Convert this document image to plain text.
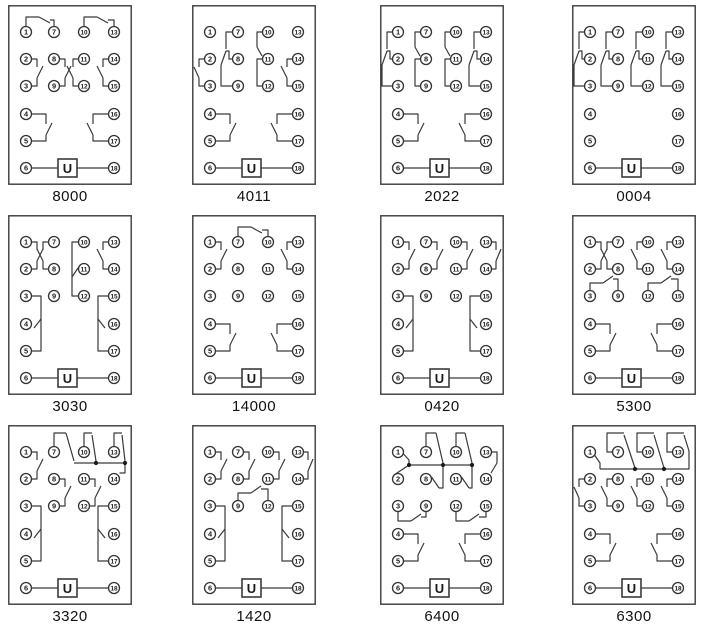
1	7	10	13
2	8	11	14
3	9	12	15
4	16
5	17
6	18
U
8000
1	7	10	13
2	8	11	14
3	9	12	15
4	16
5	17
6	18
U
4011
1	7	10	13
2	8	11	14
3	9	12	15
4	16
5	17
6	18
U
2022
1	7	10	13
2	8	11	14
3	9	12	15
4	16
5	17
6	18
U
0004
1	7	10	13
2	8	11	14
3	9	12	15
4	16
5	17
6	18
U
3030
1	7	10	13
2	8	11	14
3	9	12	15
4	16
5	17
6	18
U
14000
1	7	10	13
2	8	11	14
3	9	12	15
4	16
5	17
6	18
U
0420
1	7	10	13
2	8	11	14
3	9	12	15
4	16
5	17
6	18
U
5300
1	7	10	13
2	8	11	14
3	9	12	15
4	16
5	17
6	18
U
3320
1	7	10	13
2	8	11	14
3	9	12	15
4	16
5	17
6	18
U
1420
1	7	10	13
2	8	11	14
3	9	12	15
4	16
5	17
6	18
U
6400
1	7	10	13
2	8	11	14
3	9	12	15
4	16
5	17
6	18
U
6300
